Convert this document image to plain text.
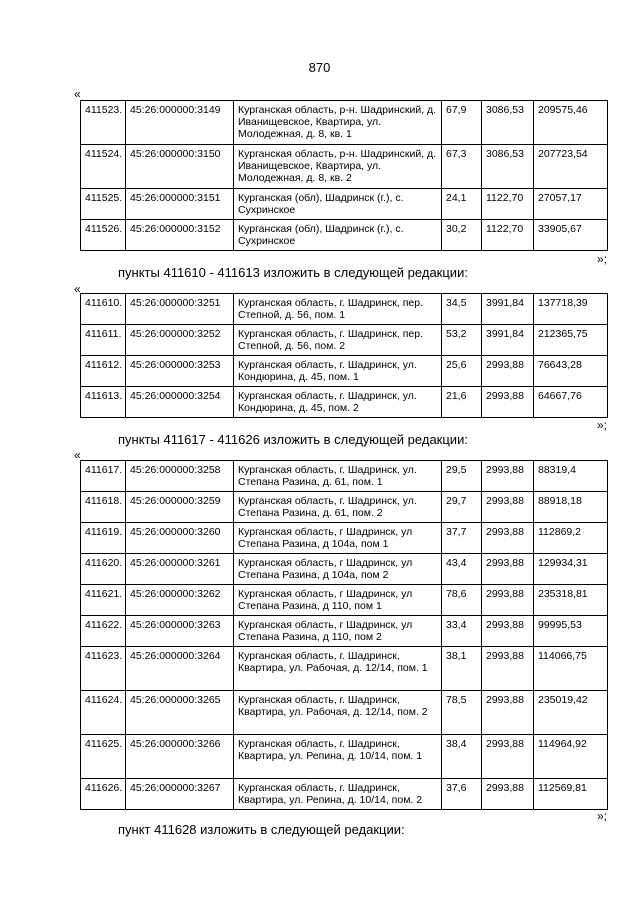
870
«
411523.	45:26:000000:3149	Курганская область, р-н. Шадринский, д. Иванищевское, Квартира, ул. Молодежная, д. 8, кв. 1	67,9	3086,53	209575,46
411524.	45:26:000000:3150	Курганская область, р-н. Шадринский, д. Иванищевское, Квартира, ул. Молодежная, д. 8, кв. 2	67,3	3086,53	207723,54
411525.	45:26:000000:3151	Курганская (обл), Шадринск (г.), с. Сухринское	24,1	1122,70	27057,17
411526.	45:26:000000:3152	Курганская (обл), Шадринск (г.), с. Сухринское	30,2	1122,70	33905,67
»;
пункты 411610 - 411613 изложить в следующей редакции:
«
411610.	45:26:000000:3251	Курганская область, г. Шадринск, пер. Степной, д. 56, пом. 1	34,5	3991,84	137718,39
411611.	45:26:000000:3252	Курганская область, г. Шадринск, пер. Степной, д. 56, пом. 2	53,2	3991,84	212365,75
411612.	45:26:000000:3253	Курганская область, г. Шадринск, ул. Кондюрина, д. 45, пом. 1	25,6	2993,88	76643,28
411613.	45:26:000000:3254	Курганская область, г. Шадринск, ул. Кондюрина, д. 45, пом. 2	21,6	2993,88	64667,76
»;
пункты 411617 - 411626 изложить в следующей редакции:
«
411617.	45:26:000000:3258	Курганская область, г. Шадринск, ул. Степана Разина, д. 61, пом. 1	29,5	2993,88	88319,4
411618.	45:26:000000:3259	Курганская область, г. Шадринск, ул. Степана Разина, д. 61, пом. 2	29,7	2993,88	88918,18
411619.	45:26:000000:3260	Курганская область, г Шадринск, ул Степана Разина, д 104а, пом 1	37,7	2993,88	112869,2
411620.	45:26:000000:3261	Курганская область, г Шадринск, ул Степана Разина, д 104а, пом 2	43,4	2993,88	129934,31
411621.	45:26:000000:3262	Курганская область, г Шадринск, ул Степана Разина, д 110, пом 1	78,6	2993,88	235318,81
411622.	45:26:000000:3263	Курганская область, г Шадринск, ул Степана Разина, д 110, пом 2	33,4	2993,88	99995,53
411623.	45:26:000000:3264	Курганская область, г. Шадринск, Квартира, ул. Рабочая, д. 12/14, пом. 1	38,1	2993,88	114066,75
411624.	45:26:000000:3265	Курганская область, г. Шадринск, Квартира, ул. Рабочая, д. 12/14, пом. 2	78,5	2993,88	235019,42
411625.	45:26:000000:3266	Курганская область, г. Шадринск, Квартира, ул. Репина, д. 10/14, пом. 1	38,4	2993,88	114964,92
411626.	45:26:000000:3267	Курганская область, г. Шадринск, Квартира, ул. Репина, д. 10/14, пом. 2	37,6	2993,88	112569,81
»;
пункт 411628 изложить в следующей редакции:
